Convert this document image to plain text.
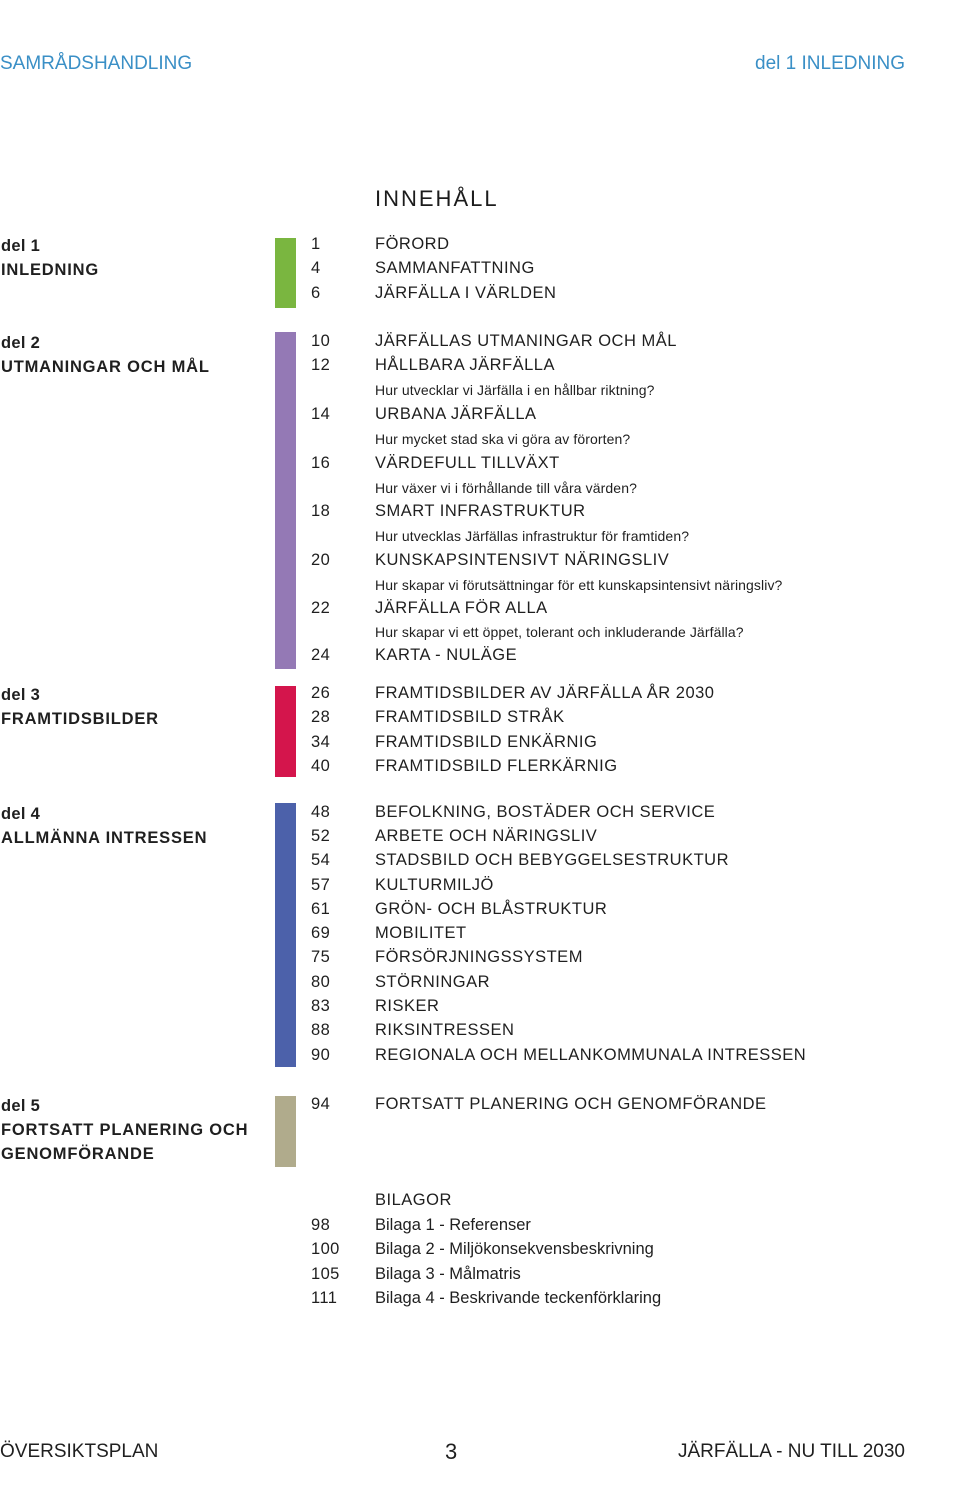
SAMRÅDSHANDLING	del 1 INLEDNING
INNEHÅLL
del 1
INLEDNING
del 2
UTMANINGAR OCH MÅL
del 3
FRAMTIDSBILDER
del 4
ALLMÄNNA INTRESSEN
del 5
FORTSATT PLANERING OCH
GENOMFÖRANDE
1	FÖRORD
4	SAMMANFATTNING
6	JÄRFÄLLA I VÄRLDEN
10	JÄRFÄLLAS UTMANINGAR OCH MÅL
12	HÅLLBARA JÄRFÄLLA
Hur utvecklar vi Järfälla i en hållbar riktning?
14	URBANA JÄRFÄLLA
Hur mycket stad ska vi göra av förorten?
16	VÄRDEFULL TILLVÄXT
Hur växer vi i förhållande till våra värden?
18	SMART INFRASTRUKTUR
Hur utvecklas Järfällas infrastruktur för framtiden?
20	KUNSKAPSINTENSIVT NÄRINGSLIV
Hur skapar vi förutsättningar för ett kunskapsintensivt näringsliv?
22	JÄRFÄLLA FÖR ALLA
Hur skapar vi ett öppet, tolerant och inkluderande Järfälla?
24	KARTA - NULÄGE
26	FRAMTIDSBILDER AV JÄRFÄLLA ÅR 2030
28	FRAMTIDSBILD STRÅK
34	FRAMTIDSBILD ENKÄRNIG
40	FRAMTIDSBILD FLERKÄRNIG
48	BEFOLKNING, BOSTÄDER OCH SERVICE
52	ARBETE OCH NÄRINGSLIV
54	STADSBILD OCH BEBYGGELSESTRUKTUR
57	KULTURMILJÖ
61	GRÖN- OCH BLÅSTRUKTUR
69	MOBILITET
75	FÖRSÖRJNINGSSYSTEM
80	STÖRNINGAR
83	RISKER
88	RIKSINTRESSEN
90	REGIONALA OCH MELLANKOMMUNALA INTRESSEN
94	FORTSATT PLANERING OCH GENOMFÖRANDE
BILAGOR
98	Bilaga 1 - Referenser
100 Bilaga 2 - Miljökonsekvensbeskrivning
105 Bilaga 3 - Målmatris
111 Bilaga 4 - Beskrivande teckenförklaring
ÖVERSIKTSPLAN	3	JÄRFÄLLA - NU TILL 2030
